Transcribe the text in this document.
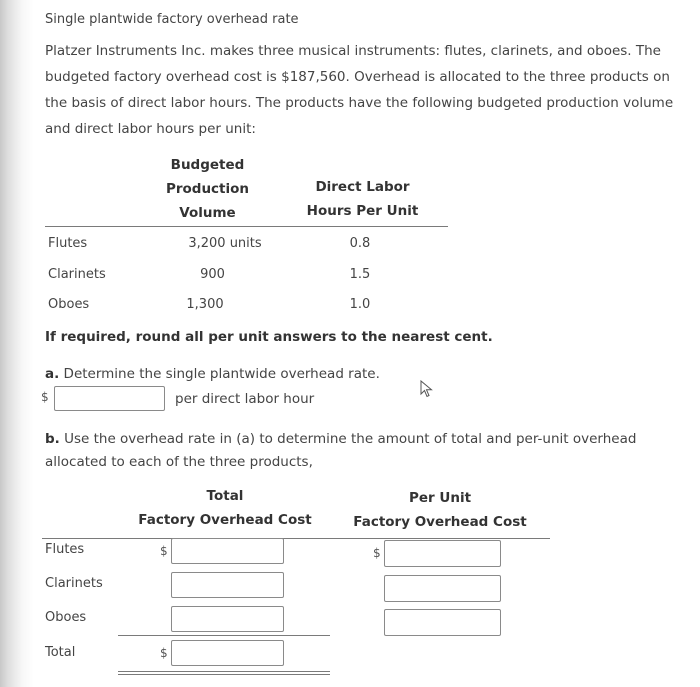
Single plantwide factory overhead rate
Platzer Instruments Inc. makes three musical instruments: flutes, clarinets, and oboes. The budgeted factory overhead cost is $187,560. Overhead is allocated to the three products on the basis of direct labor hours. The products have the following budgeted production volume and direct labor hours per unit:
Budgeted
Production
Volume
Direct Labor
Hours Per Unit
Flutes	3,200 units	0.8
Clarinets	900	1.5
Oboes	1,300	1.0
If required, round all per unit answers to the nearest cent.
a. Determine the single plantwide overhead rate.
$	per direct labor hour
b. Use the overhead rate in (a) to determine the amount of total and per-unit overhead allocated to each of the three products,
Total
Factory Overhead Cost
Per Unit
Factory Overhead Cost
Flutes	$	$
Clarinets
Oboes
Total	$
